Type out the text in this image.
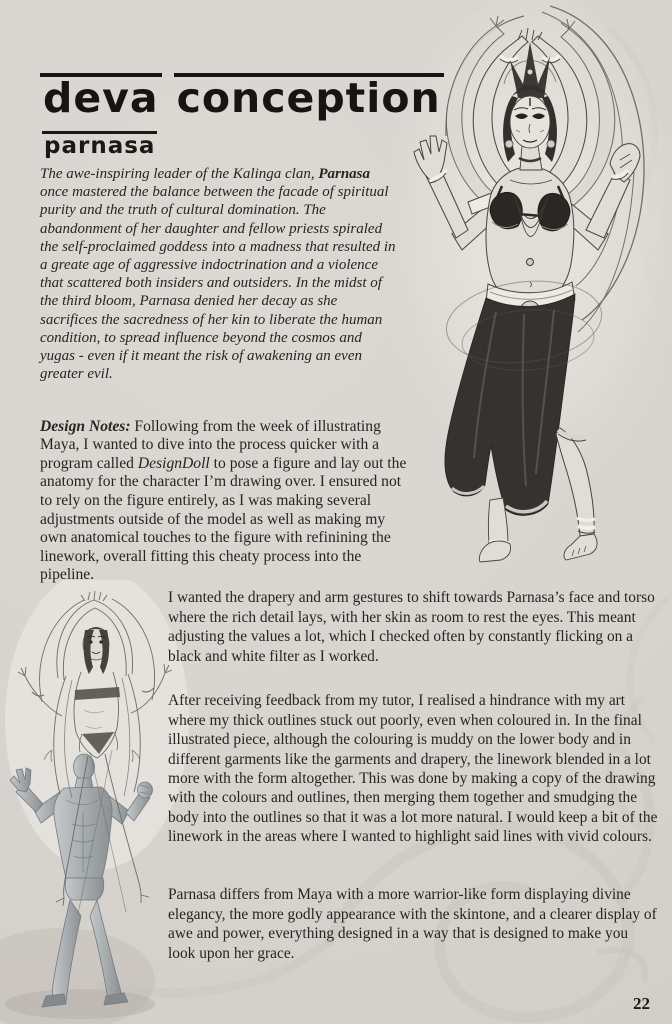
deva conception
parnasa

The awe-inspiring leader of the Kalinga clan, Parnasa once mastered the balance between the facade of spiritual purity and the truth of cultural domination. The abandonment of her daughter and fellow priests spiraled the self-proclaimed goddess into a madness that resulted in a greate age of aggressive indoctrination and a violence that scattered both insiders and outsiders. In the midst of the third bloom, Parnasa denied her decay as she sacrifices the sacredness of her kin to liberate the human condition, to spread influence beyond the cosmos and yugas - even if it meant the risk of awakening an even greater evil.

Design Notes: Following from the week of illustrating Maya, I wanted to dive into the process quicker with a program called DesignDoll to pose a figure and lay out the anatomy for the character I’m drawing over. I ensured not to rely on the figure entirely, as I was making several adjustments outside of the model as well as making my own anatomical touches to the figure with refinining the linework, overall fitting this cheaty process into the pipeline.

I wanted the drapery and arm gestures to shift towards Parnasa’s face and torso where the rich detail lays, with her skin as room to rest the eyes. This meant adjusting the values a lot, which I checked often by constantly flicking on a black and white filter as I worked.

After receiving feedback from my tutor, I realised a hindrance with my art where my thick outlines stuck out poorly, even when coloured in. In the final illustrated piece, although the colouring is muddy on the lower body and in different garments like the garments and drapery, the linework blended in a lot more with the form altogether. This was done by making a copy of the drawing with the colours and outlines, then merging them together and smudging the body into the outlines so that it was a lot more natural. I would keep a bit of the linework in the areas where I wanted to highlight said lines with vivid colours.

Parnasa differs from Maya with a more warrior-like form displaying divine elegancy, the more godly appearance with the skintone, and a clearer display of awe and power, everything designed in a way that is designed to make you look upon her grace.

22
